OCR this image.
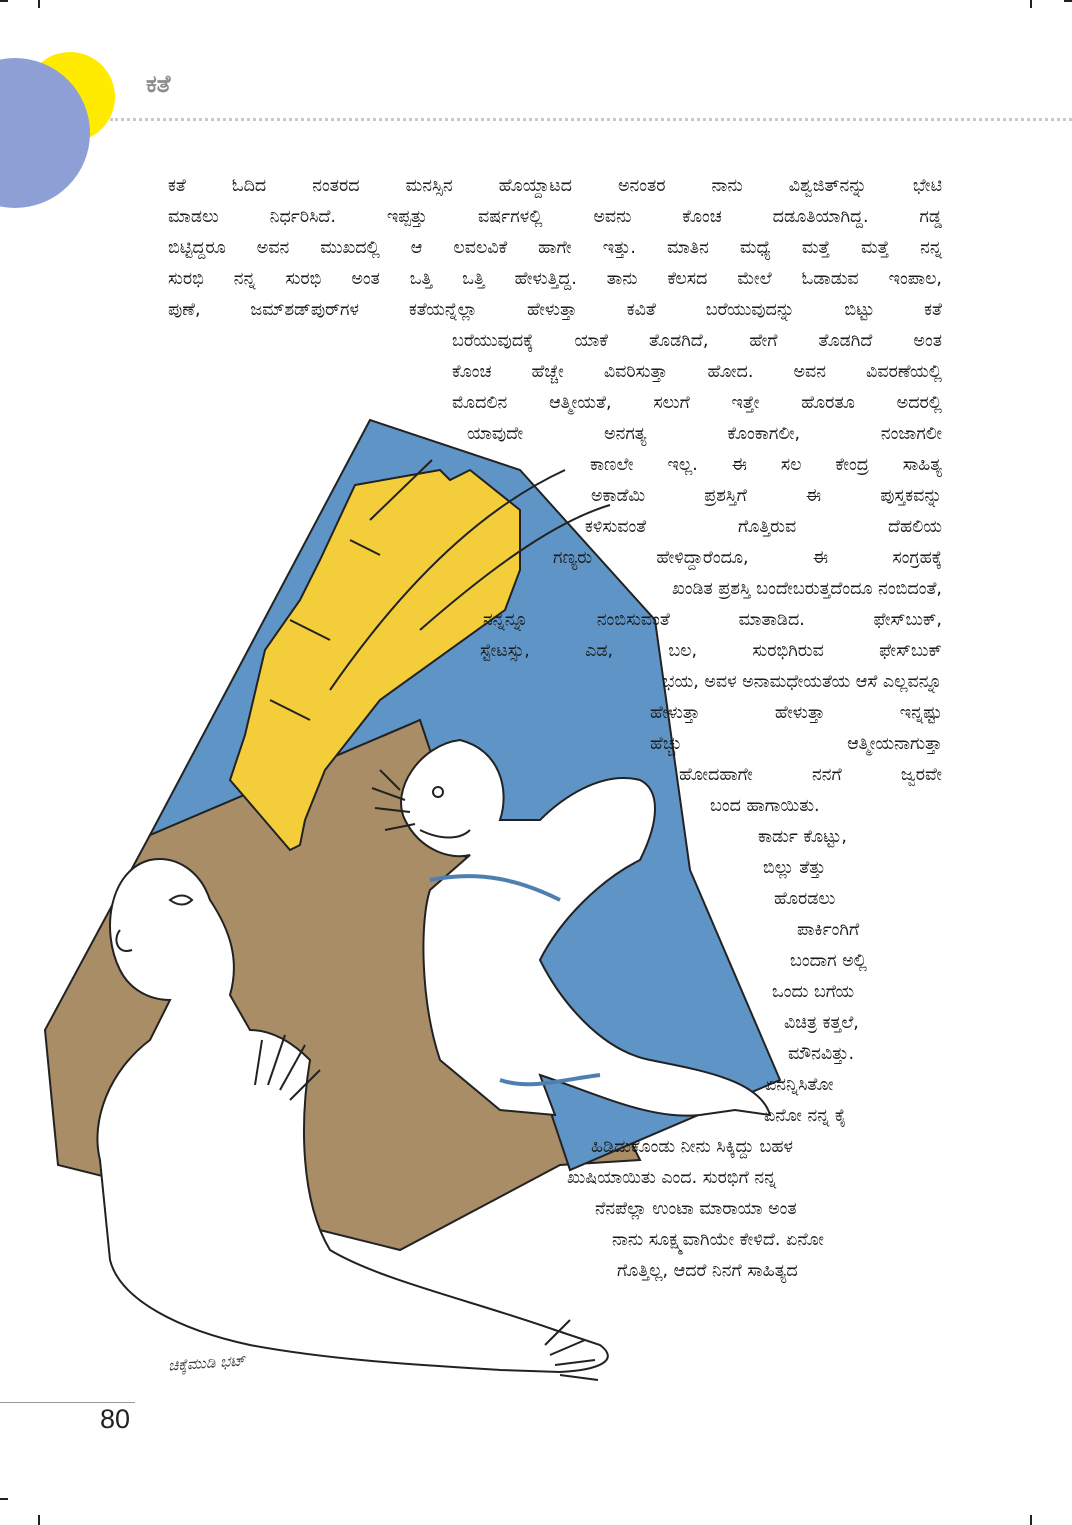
ಕತೆ
ಕತೆ ಓದಿದ ನಂತರದ ಮನಸ್ಸಿನ ಹೊಯ್ದಾಟದ ಅನಂತರ ನಾನು ವಿಶ್ವಜಿತ್‌ನನ್ನು ಭೇಟಿ
ಮಾಡಲು ನಿರ್ಧರಿಸಿದೆ. ಇಪ್ಪತ್ತು ವರ್ಷಗಳಲ್ಲಿ ಅವನು ಕೊಂಚ ದಡೂತಿಯಾಗಿದ್ದ. ಗಡ್ಡ
ಬಿಟ್ಟಿದ್ದರೂ ಅವನ ಮುಖದಲ್ಲಿ ಆ ಲವಲವಿಕೆ ಹಾಗೇ ಇತ್ತು. ಮಾತಿನ ಮಧ್ಯೆ ಮತ್ತೆ ಮತ್ತೆ ನನ್ನ
ಸುರಭಿ ನನ್ನ ಸುರಭಿ ಅಂತ ಒತ್ತಿ ಒತ್ತಿ ಹೇಳುತ್ತಿದ್ದ. ತಾನು ಕೆಲಸದ ಮೇಲೆ ಓಡಾಡುವ ಇಂಪಾಲ,
ಪುಣೆ, ಜಮ್‌ಶಡ್‌ಪುರ್‌ಗಳ ಕತೆಯನ್ನೆಲ್ಲಾ ಹೇಳುತ್ತಾ ಕವಿತೆ ಬರೆಯುವುದನ್ನು ಬಿಟ್ಟು ಕತೆ
ಬರೆಯುವುದಕ್ಕೆ ಯಾಕೆ ತೊಡಗಿದೆ, ಹೇಗೆ ತೊಡಗಿದೆ ಅಂತ
ಕೊಂಚ ಹೆಚ್ಚೇ ವಿವರಿಸುತ್ತಾ ಹೋದ. ಅವನ ವಿವರಣೆಯಲ್ಲಿ
ಮೊದಲಿನ ಆತ್ಮೀಯತೆ, ಸಲುಗೆ ಇತ್ತೇ ಹೊರತೂ ಅದರಲ್ಲಿ
ಯಾವುದೇ ಅನಗತ್ಯ ಕೊಂಕಾಗಲೀ, ನಂಜಾಗಲೀ
ಕಾಣಲೇ ಇಲ್ಲ. ಈ ಸಲ ಕೇಂದ್ರ ಸಾಹಿತ್ಯ
ಅಕಾಡೆಮಿ ಪ್ರಶಸ್ತಿಗೆ ಈ ಪುಸ್ತಕವನ್ನು
ಕಳಿಸುವಂತೆ ಗೊತ್ತಿರುವ ದೆಹಲಿಯ
ಗಣ್ಯರು ಹೇಳಿದ್ದಾರೆಂದೂ, ಈ ಸಂಗ್ರಹಕ್ಕೆ
ಖಂಡಿತ ಪ್ರಶಸ್ತಿ ಬಂದೇಬರುತ್ತದೆಂದೂ ನಂಬಿದಂತೆ,
ನನ್ನನ್ನೂ ನಂಬಿಸುವಂತೆ ಮಾತಾಡಿದ. ಫೇಸ್‌ಬುಕ್,
ಸ್ಟೇಟಸ್ಸು, ಎಡ, ಬಲ, ಸುರಭಿಗಿರುವ ಫೇಸ್‌ಬುಕ್
ಭಯ, ಅವಳ ಅನಾಮಧೇಯತೆಯ ಆಸೆ ಎಲ್ಲವನ್ನೂ
ಹೇಳುತ್ತಾ ಹೇಳುತ್ತಾ ಇನ್ನಷ್ಟು
ಹೆಚ್ಚು ಆತ್ಮೀಯನಾಗುತ್ತಾ
ಹೋದಹಾಗೇ ನನಗೆ ಜ್ವರವೇ
ಬಂದ ಹಾಗಾಯಿತು.
ಕಾರ್ಡು ಕೊಟ್ಟು,
ಬಿಲ್ಲು ತೆತ್ತು
ಹೊರಡಲು
ಪಾರ್ಕಿಂಗಿಗೆ
ಬಂದಾಗ ಅಲ್ಲಿ
ಒಂದು ಬಗೆಯ
ವಿಚಿತ್ರ ಕತ್ತಲೆ,
ಮೌನವಿತ್ತು.
ಏನನ್ನಿಸಿತೋ
ಏನೋ ನನ್ನ ಕೈ
ಹಿಡಿದುಕೊಂಡು ನೀನು ಸಿಕ್ಕಿದ್ದು ಬಹಳ
ಖುಷಿಯಾಯಿತು ಎಂದ. ಸುರಭಿಗೆ ನನ್ನ
ನೆನಪೆಲ್ಲಾ ಉಂಟಾ ಮಾರಾಯಾ ಅಂತ
ನಾನು ಸೂಕ್ಷ್ಮವಾಗಿಯೇ ಕೇಳಿದೆ. ಏನೋ
ಗೊತ್ತಿಲ್ಲ, ಆದರೆ ನಿನಗೆ ಸಾಹಿತ್ಯದ
ಚಿಕ್ಕೆಮುಡಿ ಭಟ್
80
